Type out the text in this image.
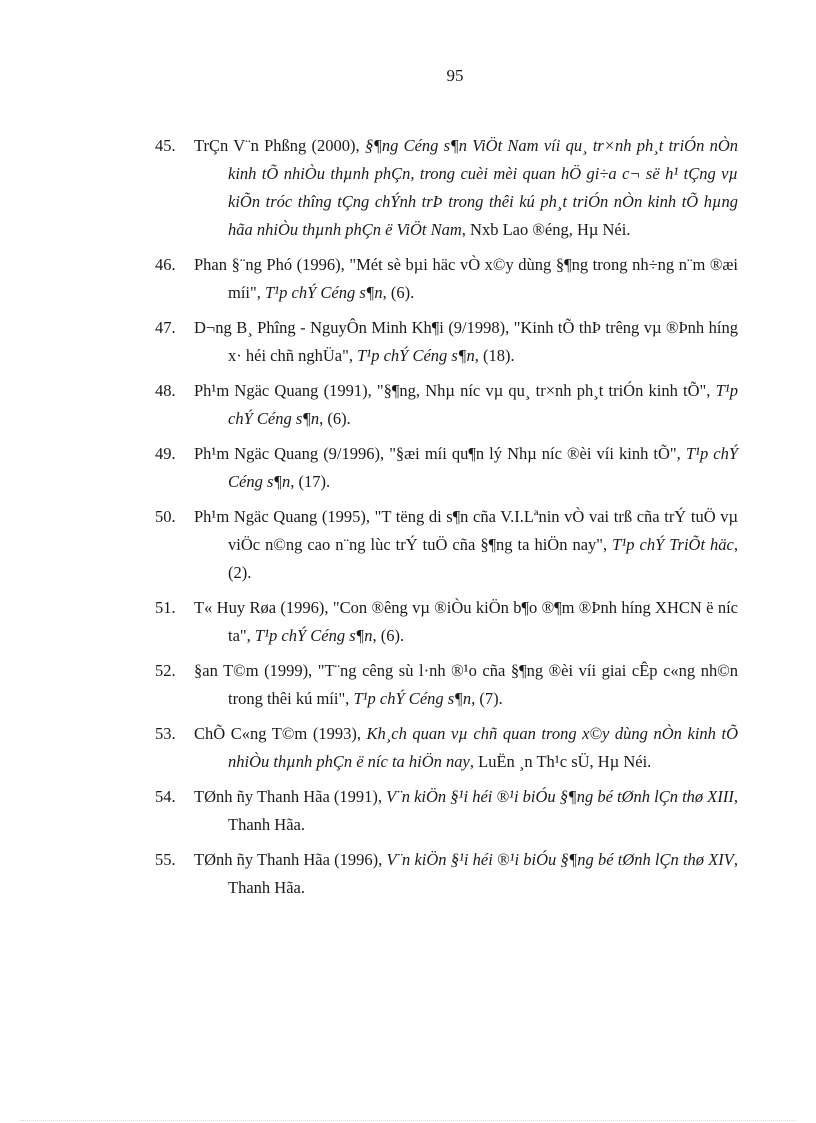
95
45.	TrÇn V¨n Phßng (2000), §¶ng Céng s¶n ViÖt Nam víi qu¸ tr×nh ph¸t triÓn nÒn kinh tÕ nhiÒu thµnh phÇn, trong cuèi mèi quan hÖ gi÷a c¬ së h¹ tÇng vµ kiÕn tróc thîng tÇng chÝnh trÞ trong thêi kú ph¸t triÓn nÒn kinh tÕ hµng hãa nhiÒu thµnh phÇn ë ViÖt Nam, Nxb Lao ®éng, Hµ Néi.
46.	Phan §¨ng Phó (1996), "Mét sè bµi häc vÒ x©y dùng §¶ng trong nh÷ng n¨m ®æi míi", T¹p chÝ Céng s¶n, (6).
47.	D¬ng B¸ Phîng - NguyÔn Minh Kh¶i (9/1998), "Kinh tÕ thÞ trêng vµ ®Þnh híng x· héi chñ nghÜa", T¹p chÝ Céng s¶n, (18).
48.	Ph¹m Ngäc Quang (1991), "§¶ng, Nhµ níc vµ qu¸ tr×nh ph¸t triÓn kinh tÕ", T¹p chÝ Céng s¶n, (6).
49.	Ph¹m Ngäc Quang (9/1996), "§æi míi qu¶n lý Nhµ níc ®èi víi kinh tÕ", T¹p chÝ Céng s¶n, (17).
50.	Ph¹m Ngäc Quang (1995), "T tëng di s¶n cña V.I.Lªnin vÒ vai trß cña trÝ tuÖ vµ viÖc n©ng cao n¨ng lùc trÝ tuÖ cña §¶ng ta hiÖn nay", T¹p chÝ TriÕt häc, (2).
51.	T« Huy Røa (1996), "Con ®êng vµ ®iÒu kiÖn b¶o ®¶m ®Þnh híng XHCN ë níc ta", T¹p chÝ Céng s¶n, (6).
52.	§an T©m (1999), "T¨ng cêng sù l·nh ®¹o cña §¶ng ®èi víi giai cÊp c«ng nh©n trong thêi kú míi", T¹p chÝ Céng s¶n, (7).
53.	ChÕ C«ng T©m (1993), Kh¸ch quan vµ chñ quan trong x©y dùng nÒn kinh tÕ nhiÒu thµnh phÇn ë níc ta hiÖn nay, LuËn ¸n Th¹c sÜ, Hµ Néi.
54.	TØnh ñy Thanh Hãa (1991), V¨n kiÖn §¹i héi ®¹i biÓu §¶ng bé tØnh lÇn thø XIII, Thanh Hãa.
55.	TØnh ñy Thanh Hãa (1996), V¨n kiÖn §¹i héi ®¹i biÓu §¶ng bé tØnh lÇn thø XIV, Thanh Hãa.
